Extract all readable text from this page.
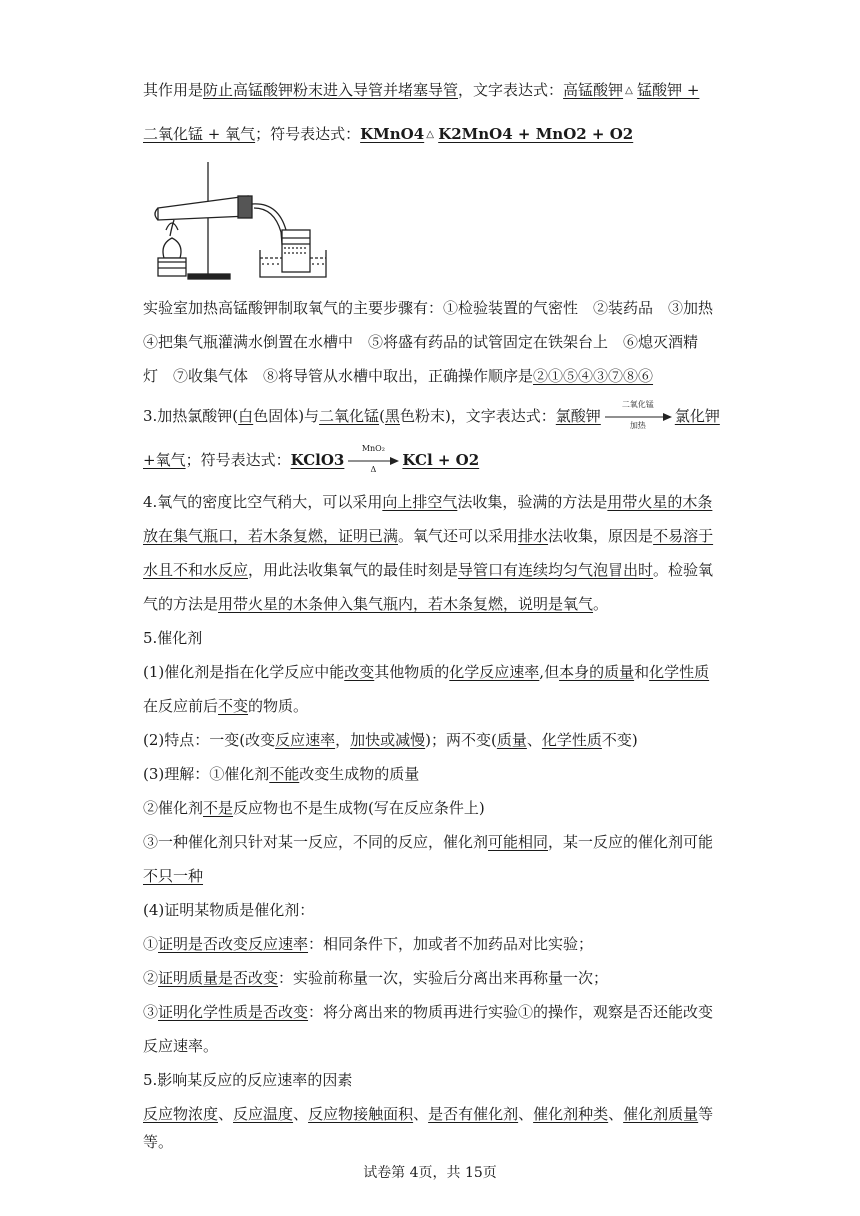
其作用是防止高锰酸钾粉末进入导管并堵塞导管，文字表达式：高锰酸钾 △ 锰酸钾 +
二氧化锰 + 氧气；符号表达式：KMnO4 △ K2MnO4 + MnO2 + O2
实验室加热高锰酸钾制取氧气的主要步骤有：①检验装置的气密性　②装药品　③加热
④把集气瓶灌满水倒置在水槽中　⑤将盛有药品的试管固定在铁架台上　⑥熄灭酒精
灯　⑦收集气体　⑧将导管从水槽中取出，正确操作顺序是②①⑤④③⑦⑧⑥
3.加热氯酸钾(白色固体)与二氧化锰(黑色粉末)，文字表达式：氯酸钾
二氧化锰
加热
氯化钾
+氧气；符号表达式：KClO3
MnO₂
Δ
KCl + O2
4.氧气的密度比空气稍大，可以采用向上排空气法收集，验满的方法是用带火星的木条
放在集气瓶口，若木条复燃，证明已满。氧气还可以采用排水法收集，原因是不易溶于
水且不和水反应，用此法收集氧气的最佳时刻是导管口有连续均匀气泡冒出时。检验氧
气的方法是用带火星的木条伸入集气瓶内，若木条复燃，说明是氧气。
5.催化剂
(1)催化剂是指在化学反应中能改变其他物质的化学反应速率,但本身的质量和化学性质
在反应前后不变的物质。
(2)特点：一变(改变反应速率，加快或减慢)；两不变(质量、化学性质不变)
(3)理解：①催化剂不能改变生成物的质量
②催化剂不是反应物也不是生成物(写在反应条件上)
③一种催化剂只针对某一反应，不同的反应，催化剂可能相同，某一反应的催化剂可能
不只一种
(4)证明某物质是催化剂：
①证明是否改变反应速率：相同条件下，加或者不加药品对比实验；
②证明质量是否改变：实验前称量一次，实验后分离出来再称量一次；
③证明化学性质是否改变：将分离出来的物质再进行实验①的操作，观察是否还能改变
反应速率。
5.影响某反应的反应速率的因素
反应物浓度、反应温度、反应物接触面积、是否有催化剂、催化剂种类、催化剂质量等
等。
试卷第 4页，共 15页
